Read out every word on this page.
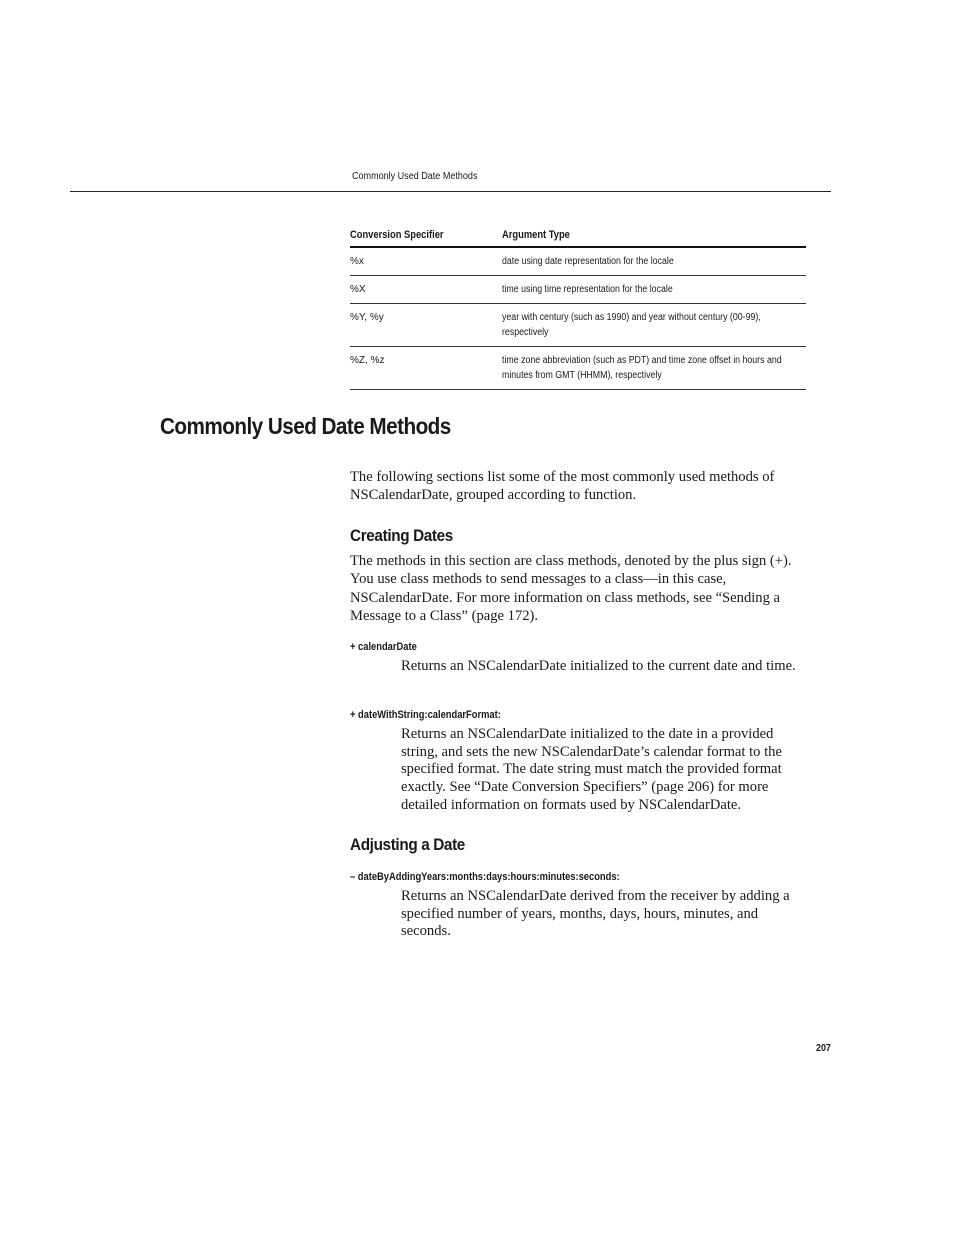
Commonly Used Date Methods
Conversion Specifier	Argument Type
%x	date using date representation for the locale
%X	time using time representation for the locale
%Y, %y	year with century (such as 1990) and year without century (00-99), respectively
%Z, %z	time zone abbreviation (such as PDT) and time zone offset in hours and minutes from GMT (HHMM), respectively
Commonly Used Date Methods

The following sections list some of the most commonly used methods of NSCalendarDate, grouped according to function.

Creating Dates

The methods in this section are class methods, denoted by the plus sign (+). You use class methods to send messages to a class—in this case, NSCalendarDate. For more information on class methods, see “Sending a Message to a Class” (page 172).

+ calendarDate

Returns an NSCalendarDate initialized to the current date and time.

+ dateWithString:calendarFormat:

Returns an NSCalendarDate initialized to the date in a provided string, and sets the new NSCalendarDate’s calendar format to the specified format. The date string must match the provided format exactly. See “Date Conversion Specifiers” (page 206) for more detailed information on formats used by NSCalendarDate.

Adjusting a Date
– dateByAddingYears:months:days:hours:minutes:seconds:

Returns an NSCalendarDate derived from the receiver by adding a specified number of years, months, days, hours, minutes, and seconds.

207
